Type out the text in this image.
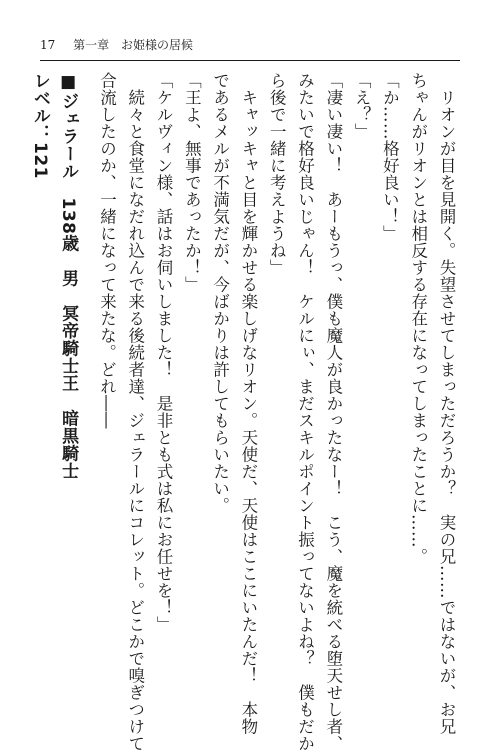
17 第一章 お姫様の居候
　リオンが目を見開く。失望させてしまっただろうか？　実の兄……ではないが、お兄
ちゃんがリオンとは相反する存在になってしまったことに……。
「か……格好良い！」
「え？」
「凄い凄い！　あーもうっ、僕も魔人が良かったなー！　こう、魔を統べる堕天せし者、
みたいで格好良いじゃん！　ケルにぃ、まだスキルポイント振ってないよね？　僕もだか
ら後で一緒に考えようね」
　キャッキャと目を輝かせる楽しげなリオン。天使だ、天使はここにいたんだ！　本物
であるメルが不満気だが、今ばかりは許してもらいたい。
「王よ、無事であったか！」
「ケルヴィン様、話はお伺いしました！　是非とも式は私にお任せを！」
　続々と食堂になだれ込んで来る後続者達、ジェラールにコレット。どこかで嗅ぎつけて
合流したのか、一緒になって来たな。どれ――
■ジェラール　138歳　男　冥帝騎士王　暗黒騎士
レベル：121
